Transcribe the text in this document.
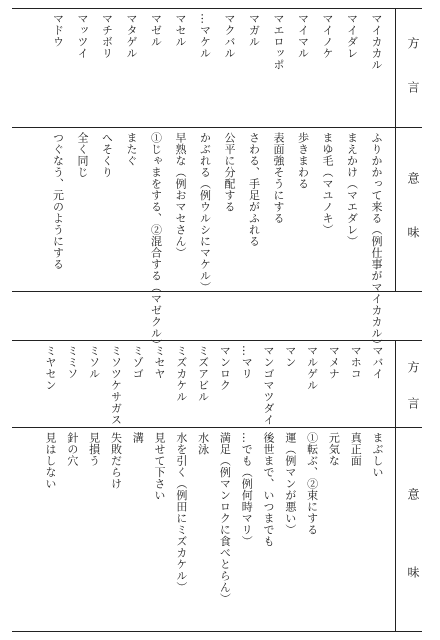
方
言
マイカカル
マイダレ
マイノケ
マイマル
マエロッポ
マガル
マクバル
…マケル
マセル
マゼル
マタゲル
マチボリ
マッツイ
マドウ
意
味
ふりかかって来る（例仕事がマイカカル）
まえかけ（マエダレ）
まゆ毛（マユノキ）
歩きまわる
表面強そうにする
さわる、手足がふれる
公平に分配する
かぶれる（例ウルシにマケル）
早熟な（例おマセさん）
①じゃまをする、②混合する（マゼクル）
またぐ
へそくり
全く同じ
つぐなう、元のようにする
方
言
マバイ
マホコ
マメナ
マルゲル
マン
マンゴマツダイ
…マリ
マンロク
ミズアビル
ミズカケル
ミセヤ
ミゾゴ
ミソツケサガス
ミソル
ミミソ
ミヤセン
意
味
まぶしい
真正面
元気な
①転ぶ、②束にする
運（例マンが悪い）
後世まで、いつまでも
…でも（例何時マリ）
満足（例マンロクに食べとらん）
水泳
水を引く（例田にミズカケル）
見せて下さい
溝
失敗だらけ
見損う
針の穴
見はしない
